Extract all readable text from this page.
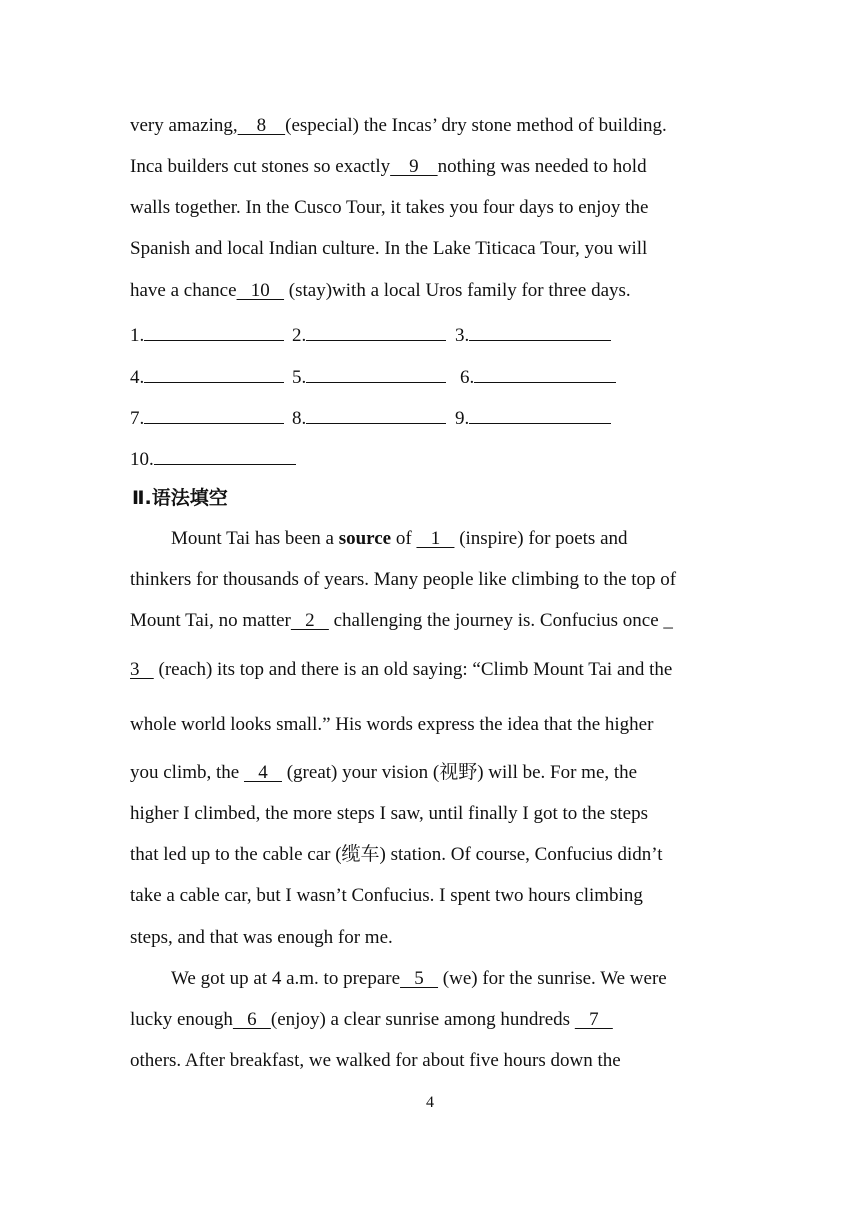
very amazing,    8    (especial) the Incas’ dry stone method of building.
Inca builders cut stones so exactly    9    nothing was needed to hold
walls together. In the Cusco Tour, it takes you four days to enjoy the
Spanish and local Indian culture. In the Lake Titicaca Tour, you will
have a chance   10    (stay)with a local Uros family for three days.
1.	2.	3.
4.	5.	6.
7.	8.	9.
10.
Ⅱ.语法填空
Mount Tai has been a source of    1    (inspire) for poets and
thinkers for thousands of years. Many people like climbing to the top of
Mount Tai, no matter   2    challenging the journey is. Confucius once _
3    (reach) its top and there is an old saying: “Climb Mount Tai and the
whole world looks small.” His words express the idea that the higher
you climb, the    4    (great) your vision (视野) will be. For me, the
higher I climbed, the more steps I saw, until finally I got to the steps
that led up to the cable car (缆车) station. Of course, Confucius didn’t
take a cable car, but I wasn’t Confucius. I spent two hours climbing
steps, and that was enough for me.
We got up at 4 a.m. to prepare   5    (we) for the sunrise. We were
lucky enough   6   (enjoy) a clear sunrise among hundreds    7
others. After breakfast, we walked for about five hours down the
4
